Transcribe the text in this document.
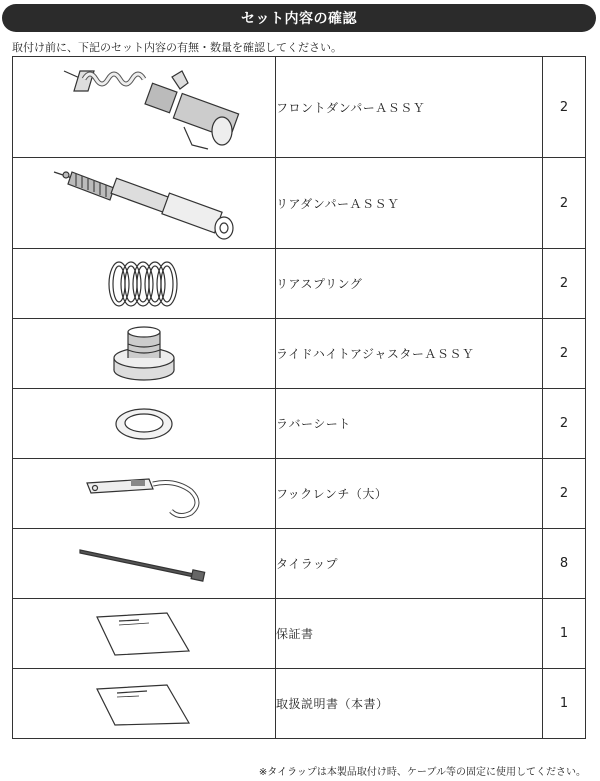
セット内容の確認
取付け前に、下記のセット内容の有無・数量を確認してください。
	フロントダンパーＡＳＳＹ	2

	リアダンパーＡＳＳＹ	2

	リアスプリング	2

	ライドハイトアジャスターＡＳＳＹ	2

	ラバーシート	2

	フックレンチ（大）	2

	タイラップ	8

	保証書	1

	取扱説明書（本書）	1
※タイラップは本製品取付け時、ケーブル等の固定に使用してください。
